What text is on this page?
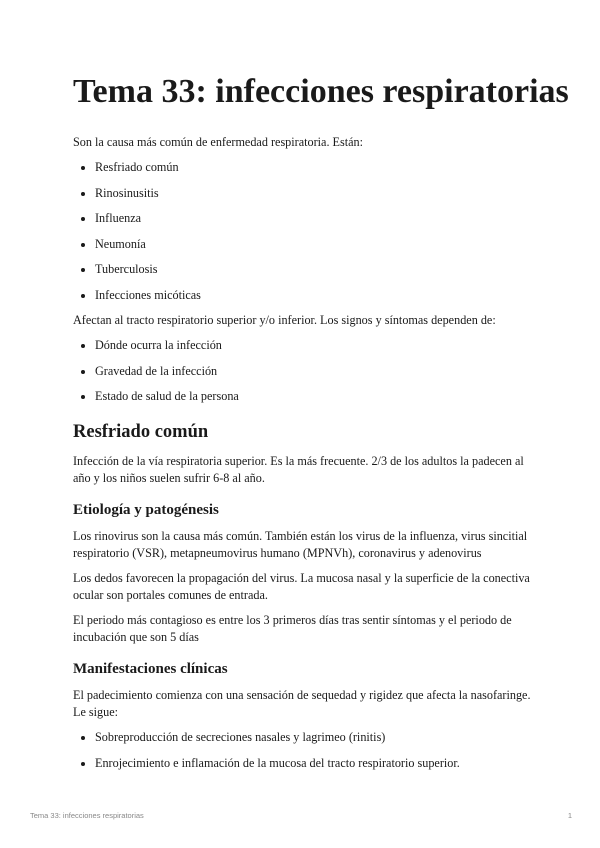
Tema 33: infecciones respiratorias

Son la causa más común de enfermedad respiratoria. Están:

Resfriado común
Rinosinusitis
Influenza
Neumonía
Tuberculosis
Infecciones micóticas

Afectan al tracto respiratorio superior y/o inferior. Los signos y síntomas dependen de:

Dónde ocurra la infección
Gravedad de la infección
Estado de salud de la persona
Resfriado común

Infección de la vía respiratoria superior. Es la más frecuente. 2/3 de los adultos la padecen al año y los niños suelen sufrir 6-8 al año.

Etiología y patogénesis

Los rinovirus son la causa más común. También están los virus de la influenza, virus sincitial respiratorio (VSR), metapneumovirus humano (MPNVh), coronavirus y adenovirus

Los dedos favorecen la propagación del virus. La mucosa nasal y la superficie de la conectiva ocular son portales comunes de entrada.

El periodo más contagioso es entre los 3 primeros días tras sentir síntomas y el periodo de incubación que son 5 días

Manifestaciones clínicas

El padecimiento comienza con una sensación de sequedad y rigidez que afecta la nasofaringe. Le sigue:

Sobreproducción de secreciones nasales y lagrimeo (rinitis)
Enrojecimiento e inflamación de la mucosa del tracto respiratorio superior.
Tema 33: infecciones respiratorias	1
